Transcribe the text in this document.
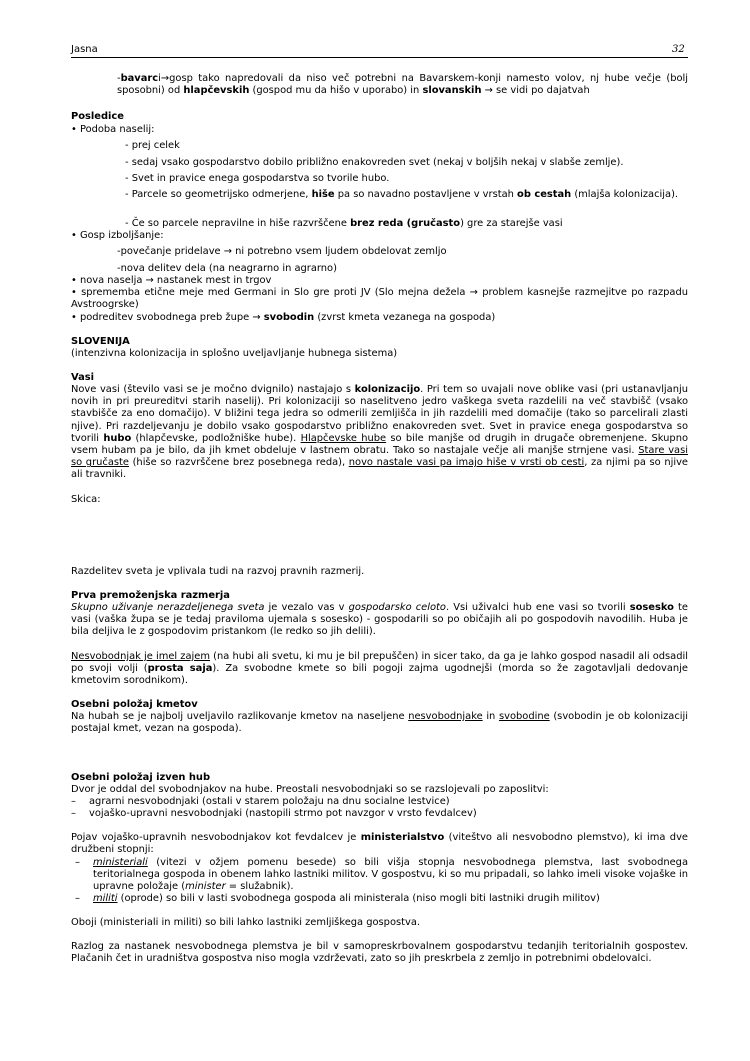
Jasna	32
-bavarci→gosp tako napredovali da niso več potrebni na Bavarskem-konji namesto volov, nj hube večje (bolj sposobni) od hlapčevskih (gospod mu da hišo v uporabo) in slovanskih → se vidi po dajatvah
Posledice
• Podoba naselij:
- prej celek
- sedaj vsako gospodarstvo dobilo približno enakovreden svet (nekaj v boljših nekaj v slabše zemlje).
- Svet in pravice enega gospodarstva so tvorile hubo.
- Parcele so geometrijsko odmerjene, hiše pa so navadno postavljene v vrstah ob cestah (mlajša kolonizacija).
- Če so parcele nepravilne in hiše razvrščene brez reda (gručasto) gre za starejše vasi
• Gosp izboljšanje:
-povečanje pridelave → ni potrebno vsem ljudem obdelovat zemljo
-nova delitev dela (na neagrarno in agrarno)
• nova naselja → nastanek mest in trgov
• sprememba etične meje med Germani in Slo gre proti JV (Slo mejna dežela → problem kasnejše razmejitve po razpadu Avstroogrske)
• podreditev svobodnega preb župe → svobodin (zvrst kmeta vezanega na gospoda)
SLOVENIJA
(intenzivna kolonizacija in splošno uveljavljanje hubnega sistema)
Vasi
Nove vasi (število vasi se je močno dvignilo) nastajajo s kolonizacijo. Pri tem so uvajali nove oblike vasi (pri ustanavljanju novih in pri preureditvi starih naselij). Pri kolonizaciji so naselitveno jedro vaškega sveta razdelili na več stavbišč (vsako stavbišče za eno domačijo). V bližini tega jedra so odmerili zemljišča in jih razdelili med domačije (tako so parcelirali zlasti njive). Pri razdeljevanju je dobilo vsako gospodarstvo približno enakovreden svet. Svet in pravice enega gospodarstva so tvorili hubo (hlapčevske, podložniške hube). Hlapčevske hube so bile manjše od drugih in drugače obremenjene. Skupno vsem hubam pa je bilo, da jih kmet obdeluje v lastnem obratu. Tako so nastajale večje ali manjše strnjene vasi. Stare vasi so gručaste (hiše so razvrščene brez posebnega reda), novo nastale vasi pa imajo hiše v vrsti ob cesti, za njimi pa so njive ali travniki.
Skica:
Razdelitev sveta je vplivala tudi na razvoj pravnih razmerij.
Prva premoženjska razmerja
Skupno uživanje nerazdeljenega sveta je vezalo vas v gospodarsko celoto. Vsi uživalci hub ene vasi so tvorili sosesko te vasi (vaška župa se je tedaj praviloma ujemala s sosesko) - gospodarili so po običajih ali po gospodovih navodilih. Huba je bila deljiva le z gospodovim pristankom (le redko so jih delili).
Nesvobodnjak je imel zajem (na hubi ali svetu, ki mu je bil prepuščen) in sicer tako, da ga je lahko gospod nasadil ali odsadil po svoji volji (prosta saja). Za svobodne kmete so bili pogoji zajma ugodnejši (morda so že zagotavljali dedovanje kmetovim sorodnikom).
Osebni položaj kmetov
Na hubah se je najbolj uveljavilo razlikovanje kmetov na naseljene nesvobodnjake in svobodine (svobodin je ob kolonizaciji postajal kmet, vezan na gospoda).
Osebni položaj izven hub
Dvor je oddal del svobodnjakov na hube. Preostali nesvobodnjaki so se razslojevali po zaposlitvi:
– agrarni nesvobodnjaki (ostali v starem položaju na dnu socialne lestvice)
– vojaško-upravni nesvobodnjaki (nastopili strmo pot navzgor v vrsto fevdalcev)
Pojav vojaško-upravnih nesvobodnjakov kot fevdalcev je ministerialstvo (viteštvo ali nesvobodno plemstvo), ki ima dve družbeni stopnji:
– ministeriali (vitezi v ožjem pomenu besede) so bili višja stopnja nesvobodnega plemstva, last svobodnega teritorialnega gospoda in obenem lahko lastniki militov. V gospostvu, ki so mu pripadali, so lahko imeli visoke vojaške in upravne položaje (minister = služabnik).
– militi (oprode) so bili v lasti svobodnega gospoda ali ministerala (niso mogli biti lastniki drugih militov)
Oboji (ministeriali in militi) so bili lahko lastniki zemljiškega gospostva.
Razlog za nastanek nesvobodnega plemstva je bil v samopreskrbovalnem gospodarstvu tedanjih teritorialnih gospostev. Plačanih čet in uradništva gospostva niso mogla vzdrževati, zato so jih preskrbela z zemljo in potrebnimi obdelovalci.
